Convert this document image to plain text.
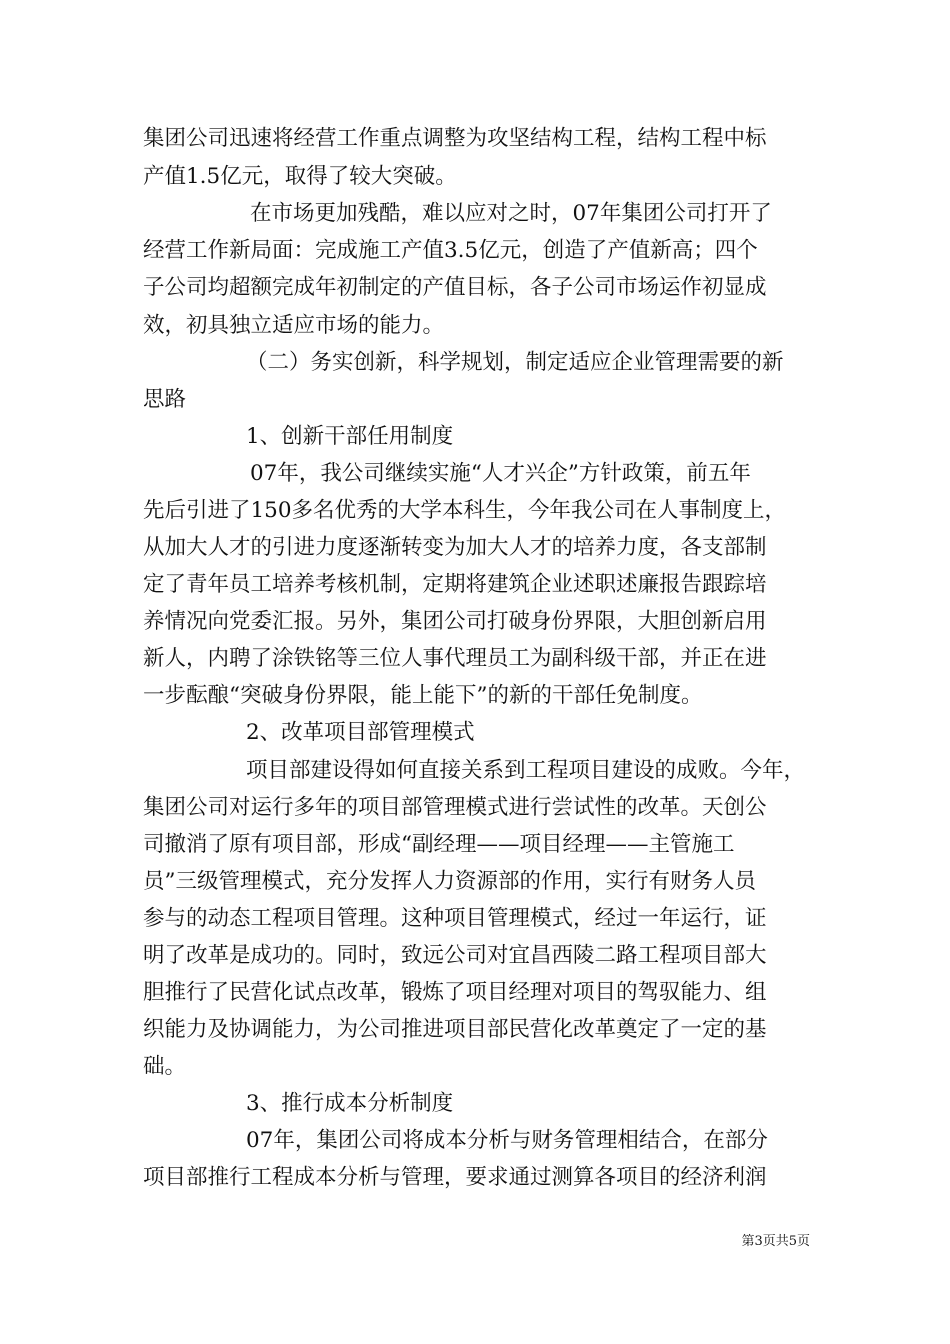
集团公司迅速将经营工作重点调整为攻坚结构工程，结构工程中标
产值1.5亿元，取得了较大突破。
在市场更加残酷，难以应对之时，07年集团公司打开了
经营工作新局面：完成施工产值3.5亿元，创造了产值新高；四个
子公司均超额完成年初制定的产值目标，各子公司市场运作初显成
效，初具独立适应市场的能力。
（二）务实创新，科学规划，制定适应企业管理需要的新
思路
1、创新干部任用制度
07年，我公司继续实施“人才兴企”方针政策，前五年
先后引进了150多名优秀的大学本科生，今年我公司在人事制度上，
从加大人才的引进力度逐渐转变为加大人才的培养力度，各支部制
定了青年员工培养考核机制，定期将建筑企业述职述廉报告跟踪培
养情况向党委汇报。另外，集团公司打破身份界限，大胆创新启用
新人，内聘了涂铁铭等三位人事代理员工为副科级干部，并正在进
一步酝酿“突破身份界限，能上能下”的新的干部任免制度。
2、改革项目部管理模式
项目部建设得如何直接关系到工程项目建设的成败。今年，
集团公司对运行多年的项目部管理模式进行尝试性的改革。天创公
司撤消了原有项目部，形成“副经理——项目经理——主管施工
员”三级管理模式，充分发挥人力资源部的作用，实行有财务人员
参与的动态工程项目管理。这种项目管理模式，经过一年运行，证
明了改革是成功的。同时，致远公司对宜昌西陵二路工程项目部大
胆推行了民营化试点改革，锻炼了项目经理对项目的驾驭能力、组
织能力及协调能力，为公司推进项目部民营化改革奠定了一定的基
础。
3、推行成本分析制度
07年，集团公司将成本分析与财务管理相结合，在部分
项目部推行工程成本分析与管理，要求通过测算各项目的经济利润
第3页共5页
